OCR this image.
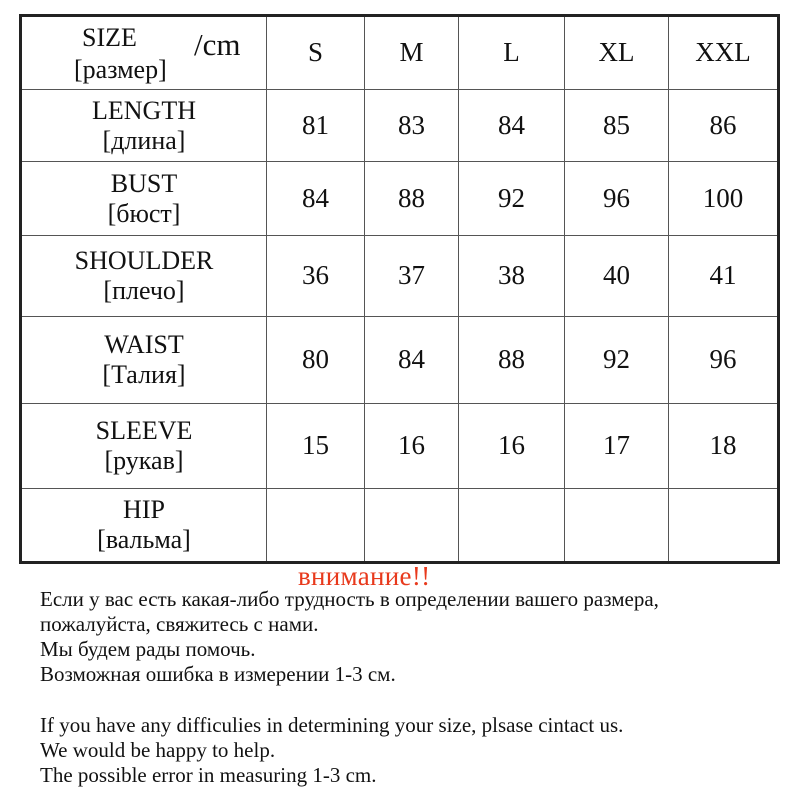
SIZE
[размер]
/cm	S	M	L	XL	XXL

LENGTH
[длина]	81	83	84	85	86

BUST
[бюст]	84	88	92	96	100

SHOULDER
[плечо]	36	37	38	40	41

WAIST
[Талия]	80	84	88	92	96

SLEEVE
[рукав]	15	16	16	17	18

HIP
[вальма]					

внимание!!
Если у вас есть какая-либо трудность в определении вашего размера,
пожалуйста, свяжитесь с нами.
Мы будем рады помочь.
Возможная ошибка в измерении 1-3 см.
If you have any difficulies in determining your size, plsase cintact us.
We would be happy to help.
The possible error in measuring 1-3 cm.
